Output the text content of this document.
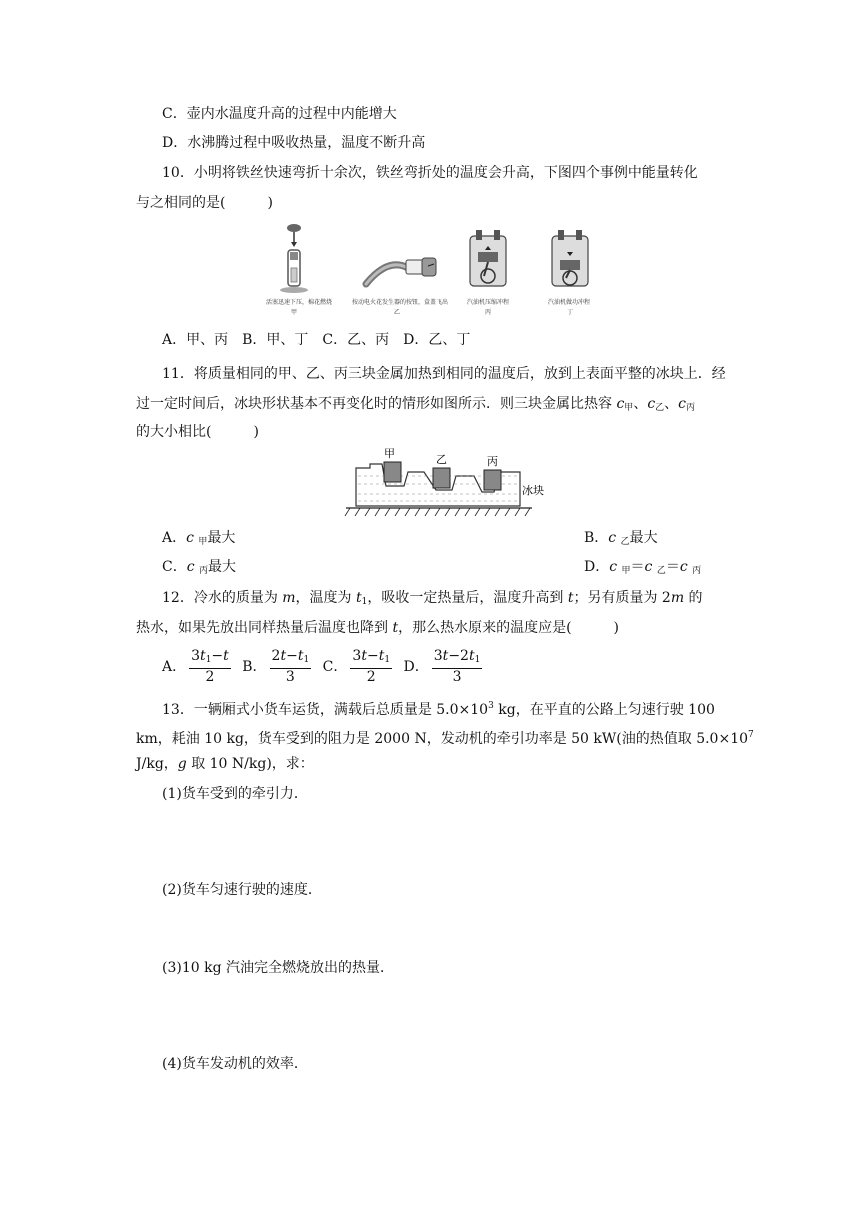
C．壶内水温度升高的过程中内能增大
D．水沸腾过程中吸收热量，温度不断升高
10．小明将铁丝快速弯折十余次，铁丝弯折处的温度会升高，下图四个事例中能量转化
与之相同的是(　　　)
活塞迅速下压，棉花燃烧
甲
按动电火花发生器的按钮，盒盖飞出
乙
汽油机压缩冲程
丙
汽油机做功冲程
丁
A．甲、丙　B．甲、丁　C．乙、丙　D．乙、丁
11．将质量相同的甲、乙、丙三块金属加热到相同的温度后，放到上表面平整的冰块上．经
过一定时间后，冰块形状基本不再变化时的情形如图所示．则三块金属比热容 $c_甲$、$c_乙$、$c_丙$
的大小相比(　　　)
甲	乙	丙
冰块
A．c $_甲$最大	B．c $_乙$最大
C．c $_丙$最大	D．c $_甲$＝c $_乙$＝c $_丙$
12．冷水的质量为 m，温度为 $t_1$，吸收一定热量后，温度升高到 t；另有质量为 2m 的
热水，如果先放出同样热量后温度也降到 t，那么热水原来的温度应是(　　　)
A． $\frac{3t_1-t}{2}$ B． $\frac{2t-t_1}{3}$ C． $\frac{3t-t_1}{2}$ D． $\frac{3t-2t_1}{3}$
13．一辆厢式小货车运货，满载后总质量是 $5.0\times 10^3$ kg，在平直的公路上匀速行驶 100
km，耗油 10 kg，货车受到的阻力是 2000 N，发动机的牵引功率是 50 kW(油的热值取 $5.0\times 10^7$
J/kg，g 取 10 N/kg)，求：
(1)货车受到的牵引力．
(2)货车匀速行驶的速度．
(3)10 kg 汽油完全燃烧放出的热量．
(4)货车发动机的效率．
